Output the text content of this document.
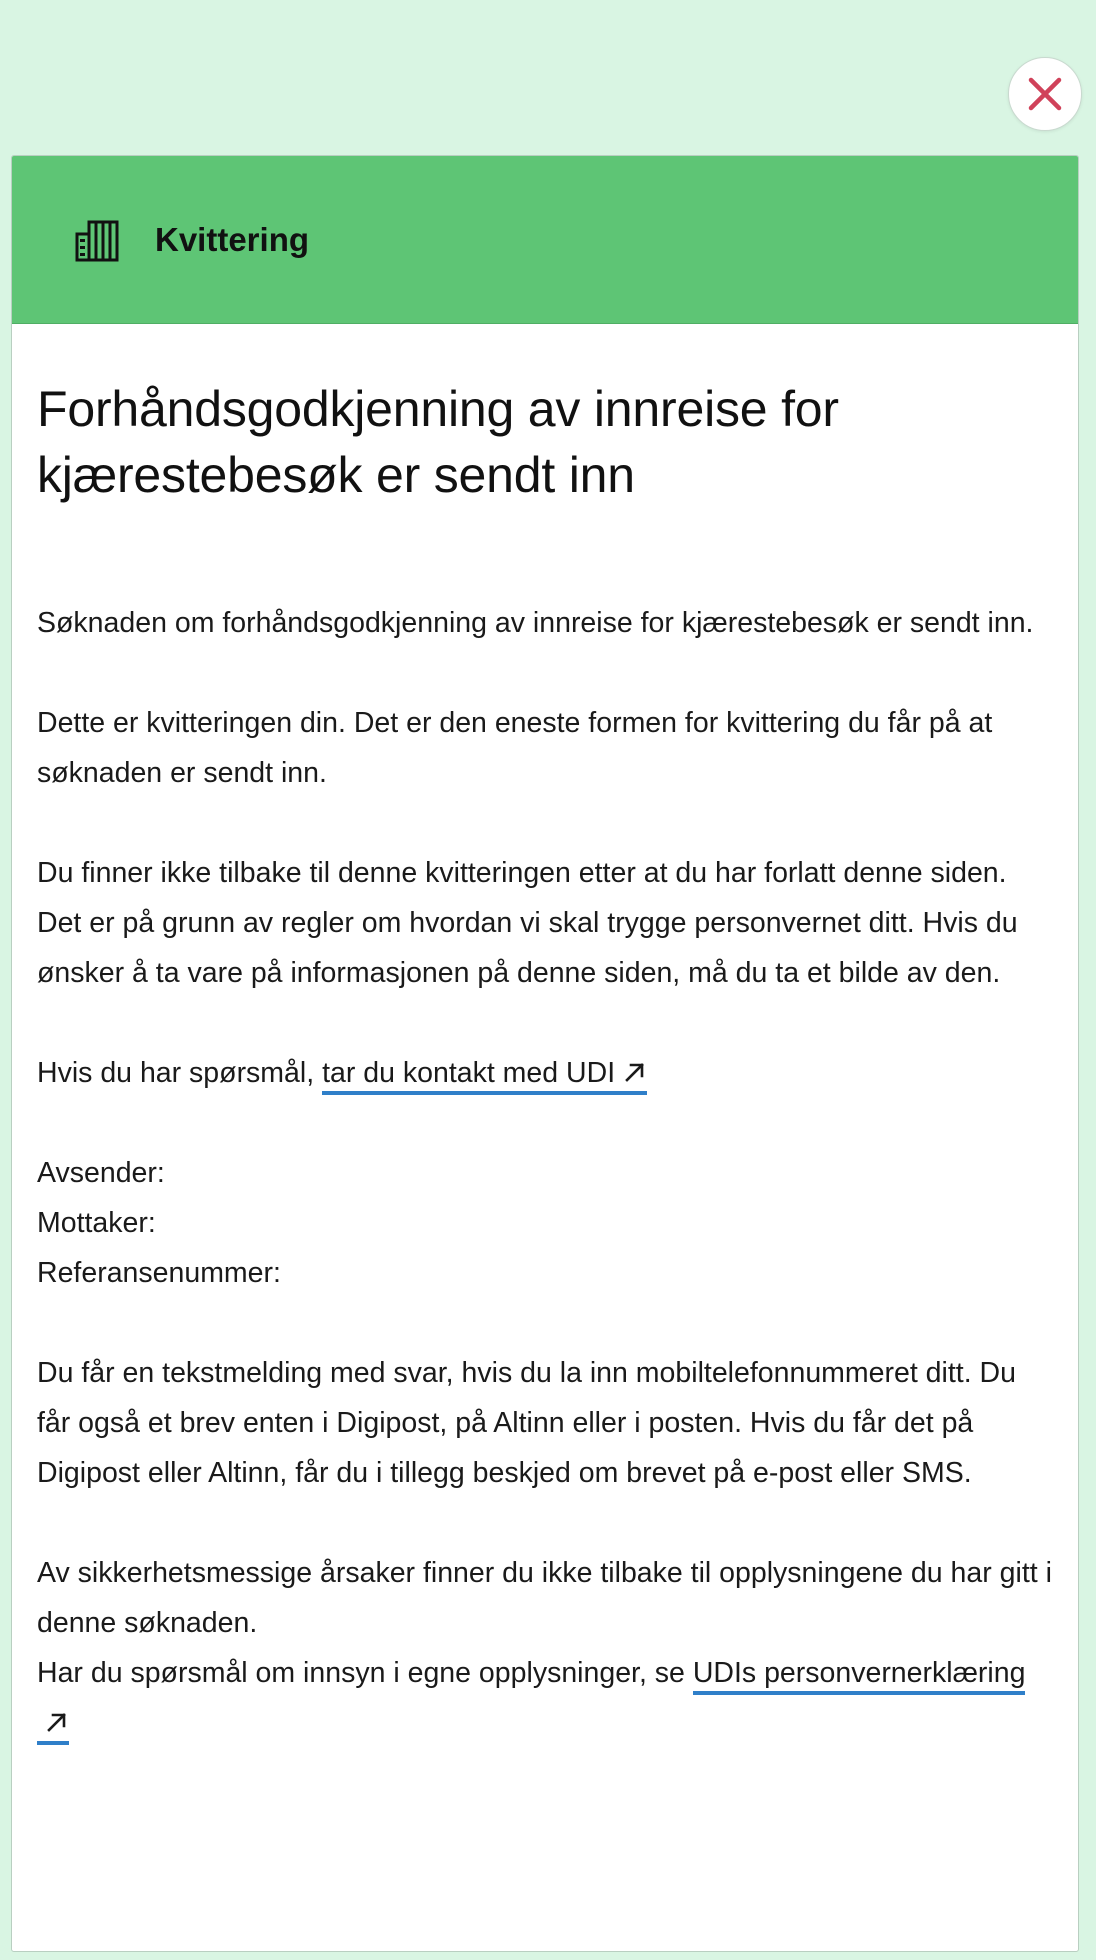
Kvittering
Forhåndsgodkjenning av innreise for kjærestebesøk er sendt inn

Søknaden om forhåndsgodkjenning av innreise for kjærestebesøk er sendt inn.

Dette er kvitteringen din. Det er den eneste formen for kvittering du får på at søknaden er sendt inn.

Du finner ikke tilbake til denne kvitteringen etter at du har forlatt denne siden. Det er på grunn av regler om hvordan vi skal trygge personvernet ditt. Hvis du ønsker å ta vare på informasjonen på denne siden, må du ta et bilde av den.

Hvis du har spørsmål, tar du kontakt med UDI

Avsender:
Mottaker:
Referansenummer:

Du får en tekstmelding med svar, hvis du la inn mobiltelefonnummeret ditt. Du får også et brev enten i Digipost, på Altinn eller i posten. Hvis du får det på Digipost eller Altinn, får du i tillegg beskjed om brevet på e-post eller SMS.

Av sikkerhetsmessige årsaker finner du ikke tilbake til opplysningene du har gitt i denne søknaden.

Har du spørsmål om innsyn i egne opplysninger, se UDIs personvernerklæring
